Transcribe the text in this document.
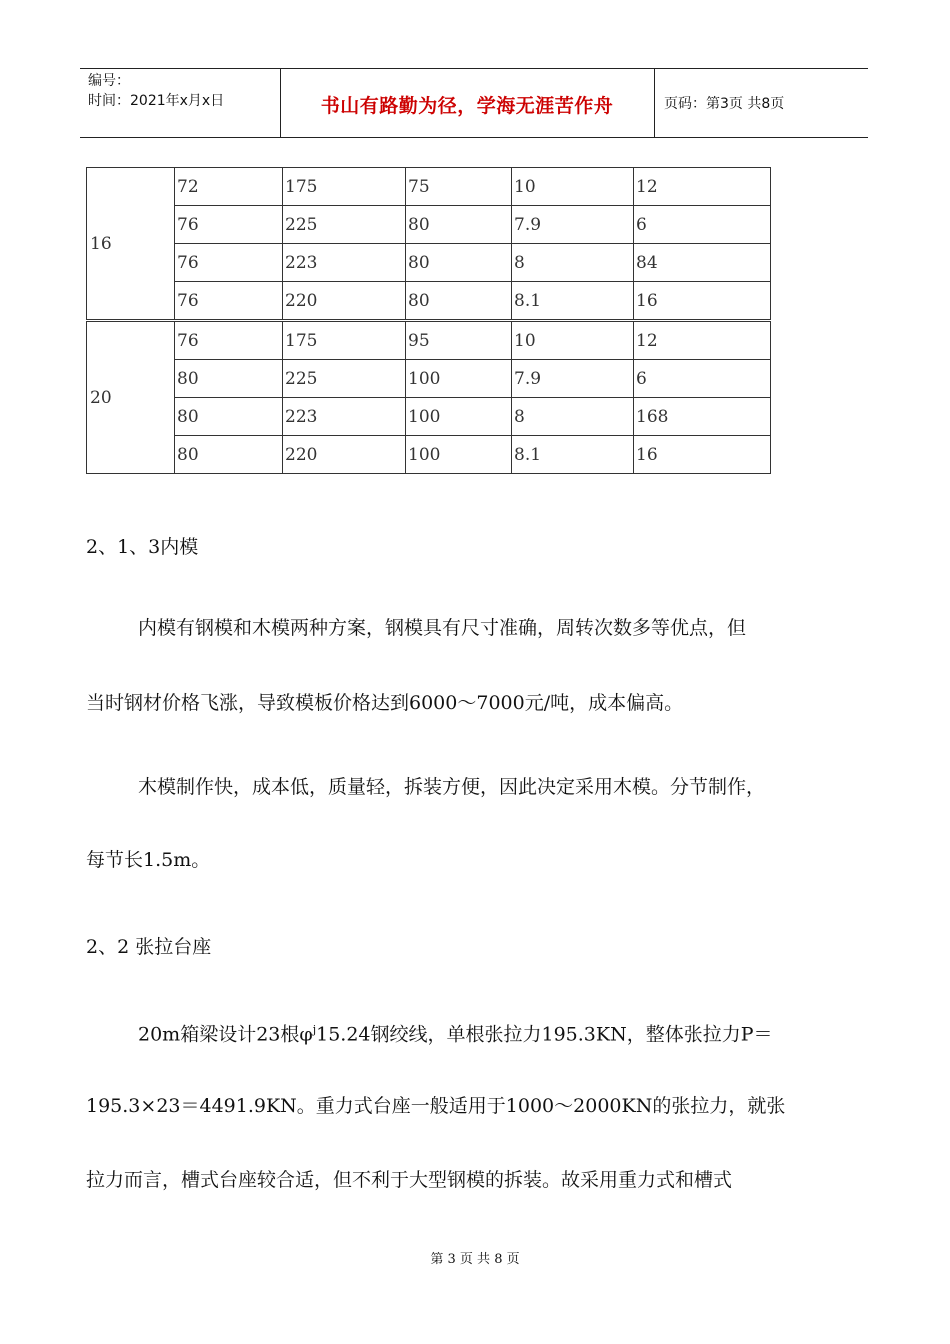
编号：
时间：2021年x月x日	书山有路勤为径，学海无涯苦作舟	页码：第3页 共8页
16	72	175	75	10	12
	76	225	80	7.9	6
	76	223	80	8	84
	76	220	80	8.1	16
20	76	175	95	10	12
	80	225	100	7.9	6
	80	223	100	8	168
	80	220	100	8.1	16
2、1、3内模
内模有钢模和木模两种方案，钢模具有尺寸准确，周转次数多等优点，但
当时钢材价格飞涨，导致模板价格达到6000～7000元/吨，成本偏高。
木模制作快，成本低，质量轻，拆装方便，因此决定采用木模。分节制作，
每节长1.5m。
2、2 张拉台座
20m箱梁设计23根$\varphi^j15.24$钢绞线，单根张拉力195.3KN，整体张拉力P＝
195.3×23＝4491.9KN。重力式台座一般适用于1000～2000KN的张拉力，就张
拉力而言，槽式台座较合适，但不利于大型钢模的拆装。故采用重力式和槽式
第 3 页 共 8 页
